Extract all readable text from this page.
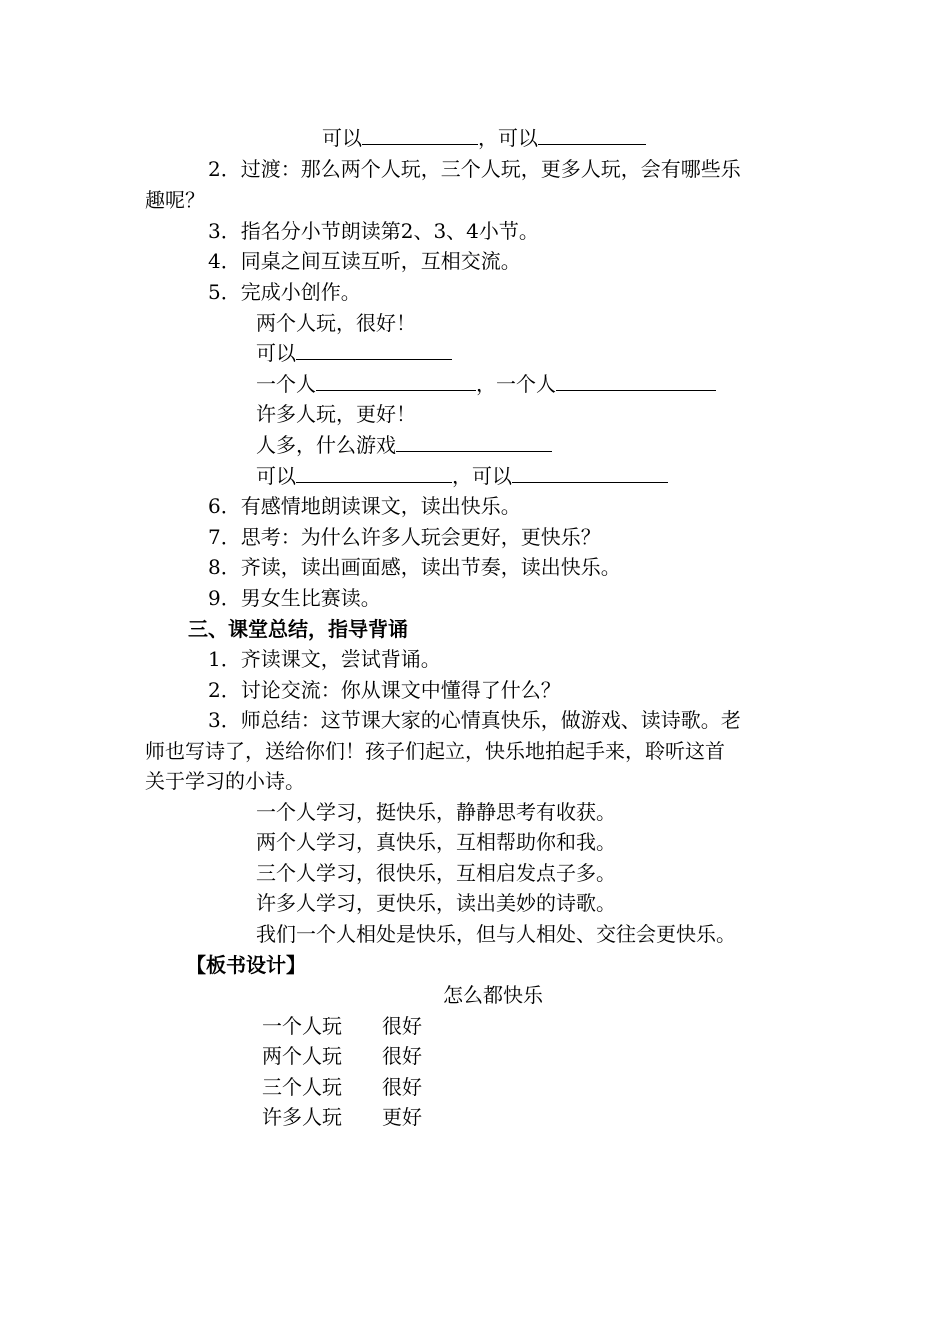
可以	，可以
2．过渡：那么两个人玩，三个人玩，更多人玩，会有哪些乐
趣呢？
3．指名分小节朗读第2、3、4小节。
4．同桌之间互读互听，互相交流。
5．完成小创作。
两个人玩，很好！
可以
一个人	，一个人
许多人玩，更好！
人多，什么游戏
可以	，可以
6．有感情地朗读课文，读出快乐。
7．思考：为什么许多人玩会更好，更快乐？
8．齐读，读出画面感，读出节奏，读出快乐。
9．男女生比赛读。
三、课堂总结，指导背诵
1．齐读课文，尝试背诵。
2．讨论交流：你从课文中懂得了什么？
3．师总结：这节课大家的心情真快乐，做游戏、读诗歌。老
师也写诗了，送给你们！孩子们起立，快乐地拍起手来，聆听这首
关于学习的小诗。
一个人学习，挺快乐，静静思考有收获。
两个人学习，真快乐，互相帮助你和我。
三个人学习，很快乐，互相启发点子多。
许多人学习，更快乐，读出美妙的诗歌。
我们一个人相处是快乐，但与人相处、交往会更快乐。
【板书设计】
怎么都快乐
一个人玩 很好
两个人玩 很好
三个人玩 很好
许多人玩 更好
